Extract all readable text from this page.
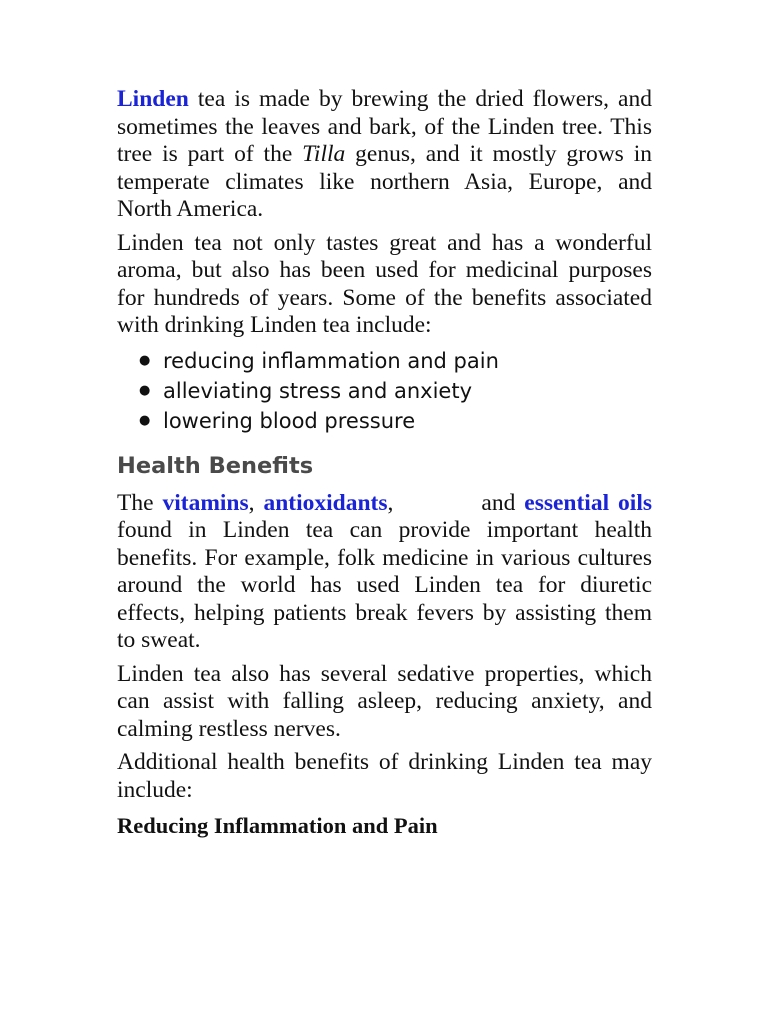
Linden tea is made by brewing the dried flowers, and sometimes the leaves and bark, of the Linden tree. This tree is part of the Tilla genus, and it mostly grows in temperate climates like northern Asia, Europe, and North America.

Linden tea not only tastes great and has a wonderful aroma, but also has been used for medicinal purposes for hundreds of years. Some of the benefits associated with drinking Linden tea include:

● reducing inflammation and pain
● alleviating stress and anxiety
● lowering blood pressure
Health Benefits

The vitamins, antioxidants,	and essential oils found in Linden tea can provide important health benefits. For example, folk medicine in various cultures around the world has used Linden tea for diuretic effects, helping patients break fevers by assisting them to sweat.

Linden tea also has several sedative properties, which can assist with falling asleep, reducing anxiety, and calming restless nerves.

Additional health benefits of drinking Linden tea may include:

Reducing Inflammation and Pain
